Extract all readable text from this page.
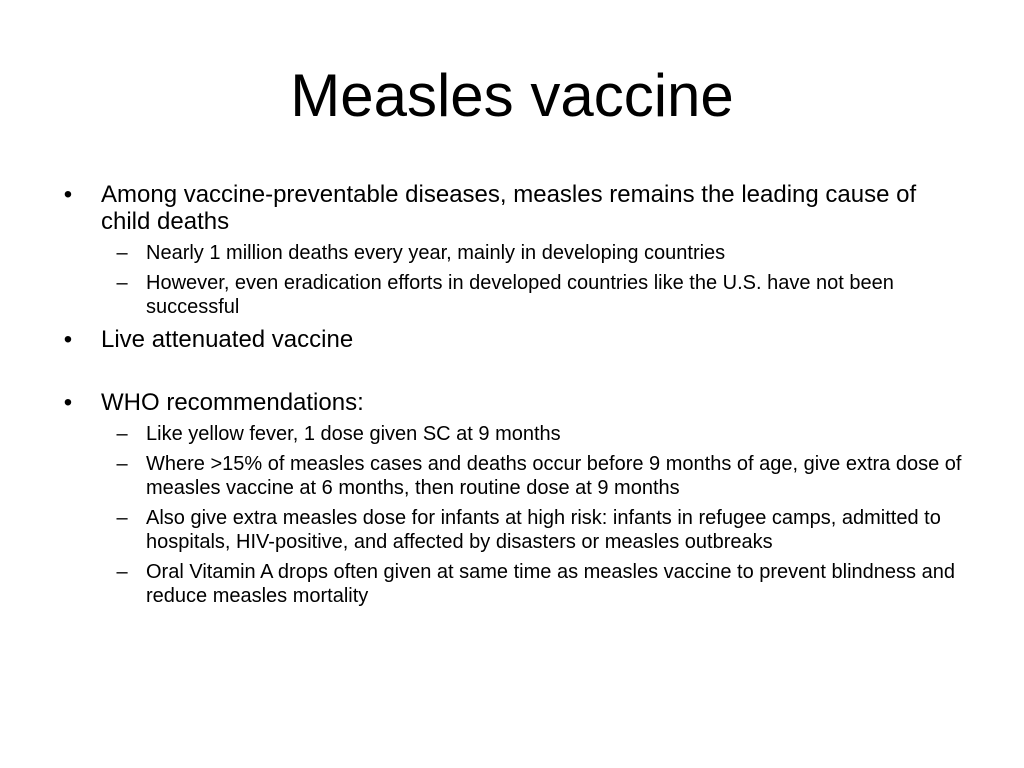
Measles vaccine
• Among vaccine-preventable diseases, measles remains the leading cause of child deaths
– Nearly 1 million deaths every year, mainly in developing countries
– However, even eradication efforts in developed countries like the U.S. have not been successful
• Live attenuated vaccine
• WHO recommendations:
– Like yellow fever, 1 dose given SC at 9 months
– Where >15% of measles cases and deaths occur before 9 months of age, give extra dose of measles vaccine at 6 months, then routine dose at 9 months
– Also give extra measles dose for infants at high risk: infants in refugee camps, admitted to hospitals, HIV-positive, and affected by disasters or measles outbreaks
– Oral Vitamin A drops often given at same time as measles vaccine to prevent blindness and reduce measles mortality
